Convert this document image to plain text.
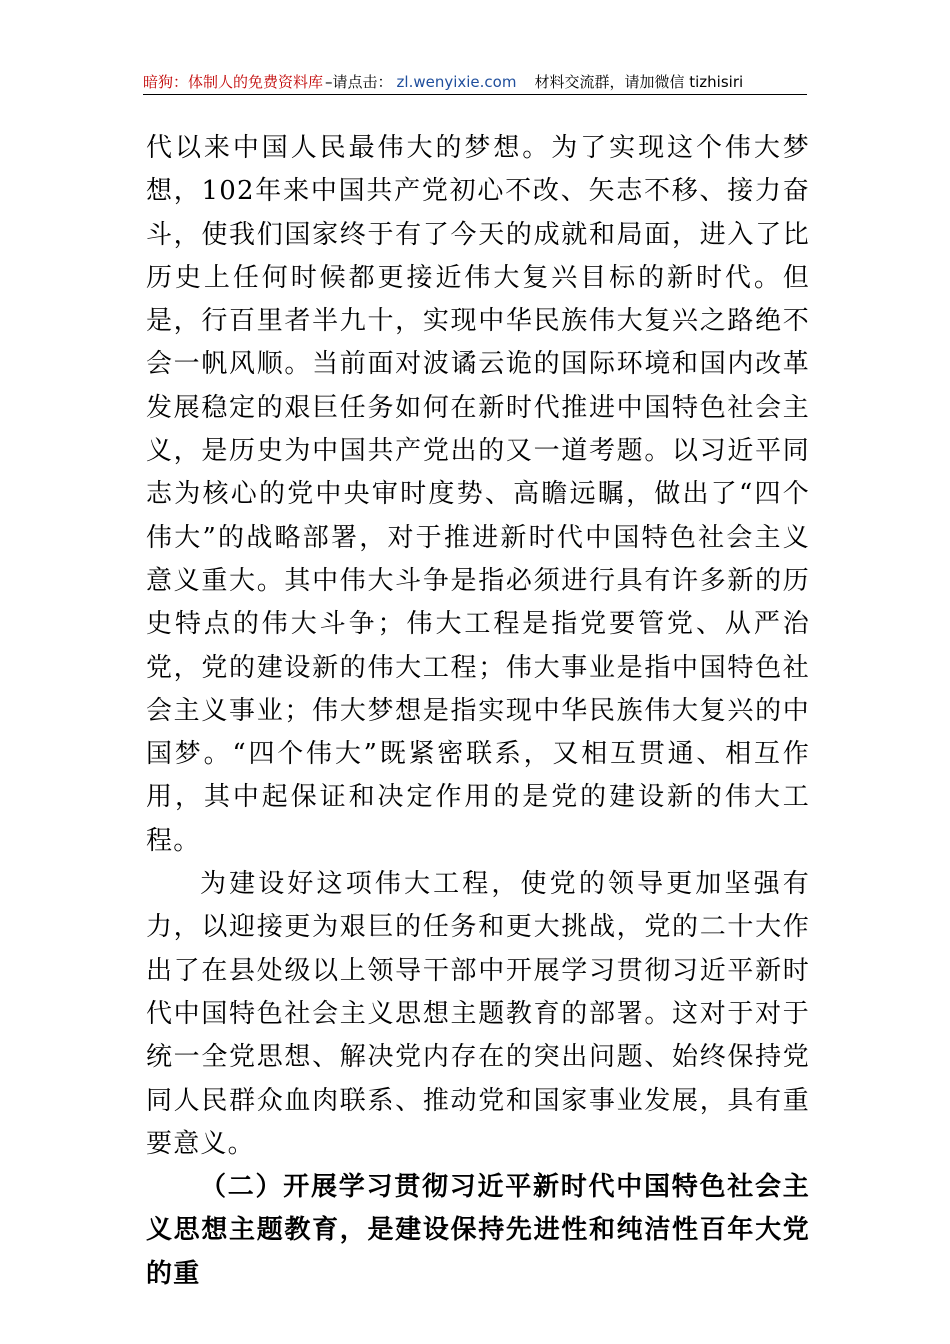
暗狗：体制人的免费资料库 –请点击： zl.wenyixie.com 材料交流群，请加微信 tizhisiri

代以来中国人民最伟大的梦想。为了实现这个伟大梦想，102年来中国共产党初心不改、矢志不移、接力奋斗，使我们国家终于有了今天的成就和局面，进入了比历史上任何时候都更接近伟大复兴目标的新时代。但是，行百里者半九十，实现中华民族伟大复兴之路绝不会一帆风顺。当前面对波谲云诡的国际环境和国内改革发展稳定的艰巨任务如何在新时代推进中国特色社会主义，是历史为中国共产党出的又一道考题。以习近平同志为核心的党中央审时度势、高瞻远瞩，做出了“四个伟大”的战略部署，对于推进新时代中国特色社会主义意义重大。其中伟大斗争是指必须进行具有许多新的历史特点的伟大斗争；伟大工程是指党要管党、从严治党，党的建设新的伟大工程；伟大事业是指中国特色社会主义事业；伟大梦想是指实现中华民族伟大复兴的中国梦。“四个伟大”既紧密联系，又相互贯通、相互作用，其中起保证和决定作用的是党的建设新的伟大工程。

为建设好这项伟大工程，使党的领导更加坚强有力，以迎接更为艰巨的任务和更大挑战，党的二十大作出了在县处级以上领导干部中开展学习贯彻习近平新时代中国特色社会主义思想主题教育的部署。这对于对于统一全党思想、解决党内存在的突出问题、始终保持党同人民群众血肉联系、推动党和国家事业发展，具有重要意义。

（二）开展学习贯彻习近平新时代中国特色社会主义思想主题教育，是建设保持先进性和纯洁性百年大党的重
